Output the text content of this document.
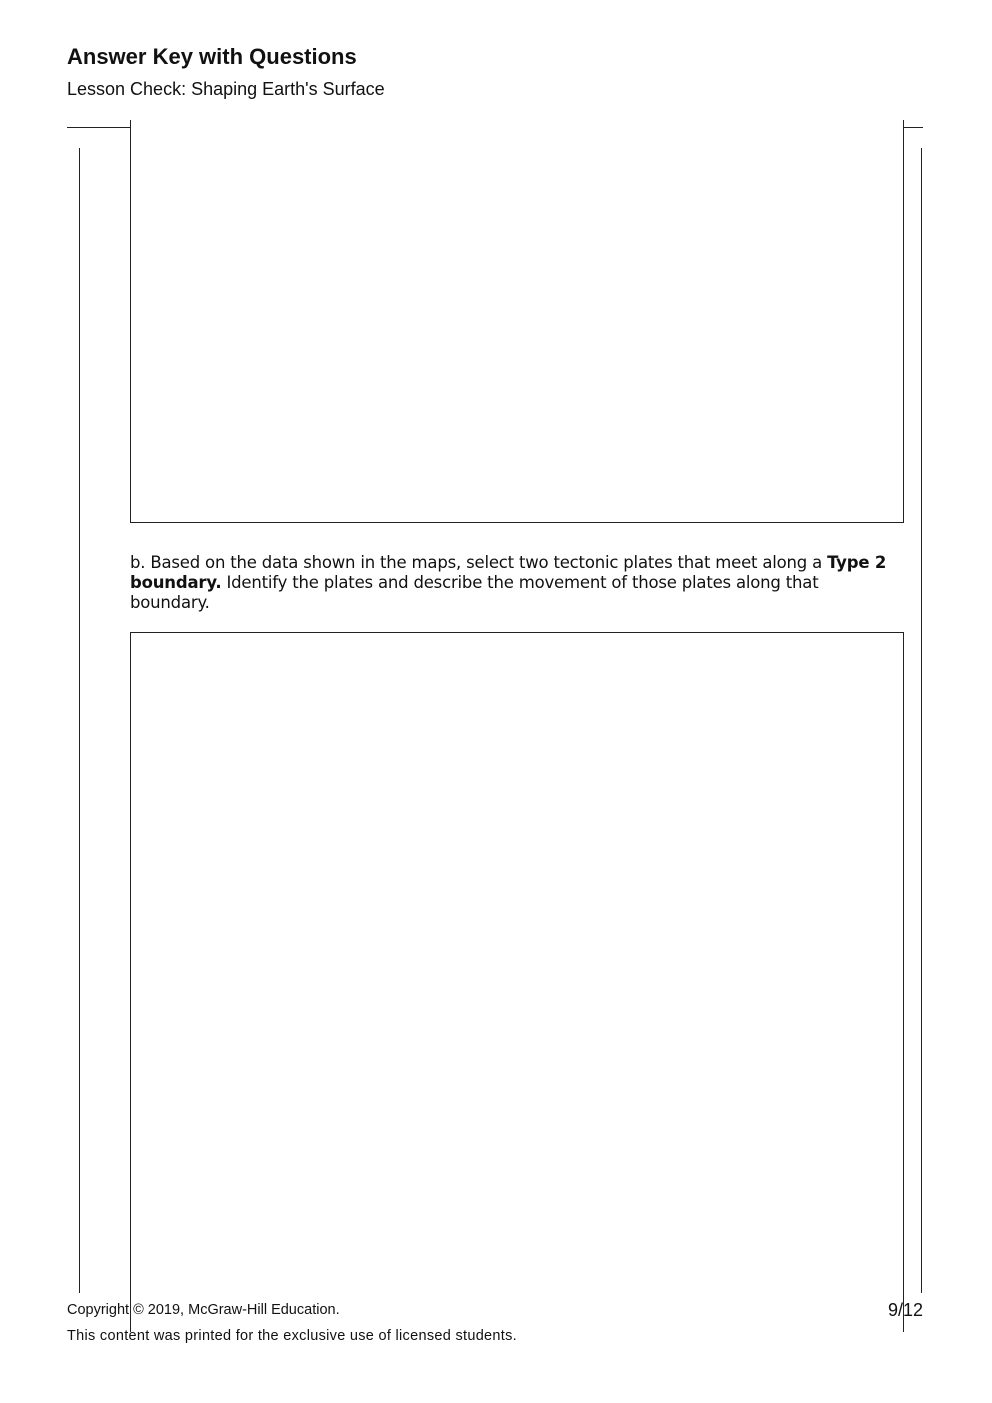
Answer Key with Questions

Lesson Check: Shaping Earth's Surface

b. Based on the data shown in the maps, select two tectonic plates that meet along a Type 2 boundary. Identify the plates and describe the movement of those plates along that boundary.

Copyright © 2019, McGraw-Hill Education.

This content was printed for the exclusive use of licensed students.

9/12
